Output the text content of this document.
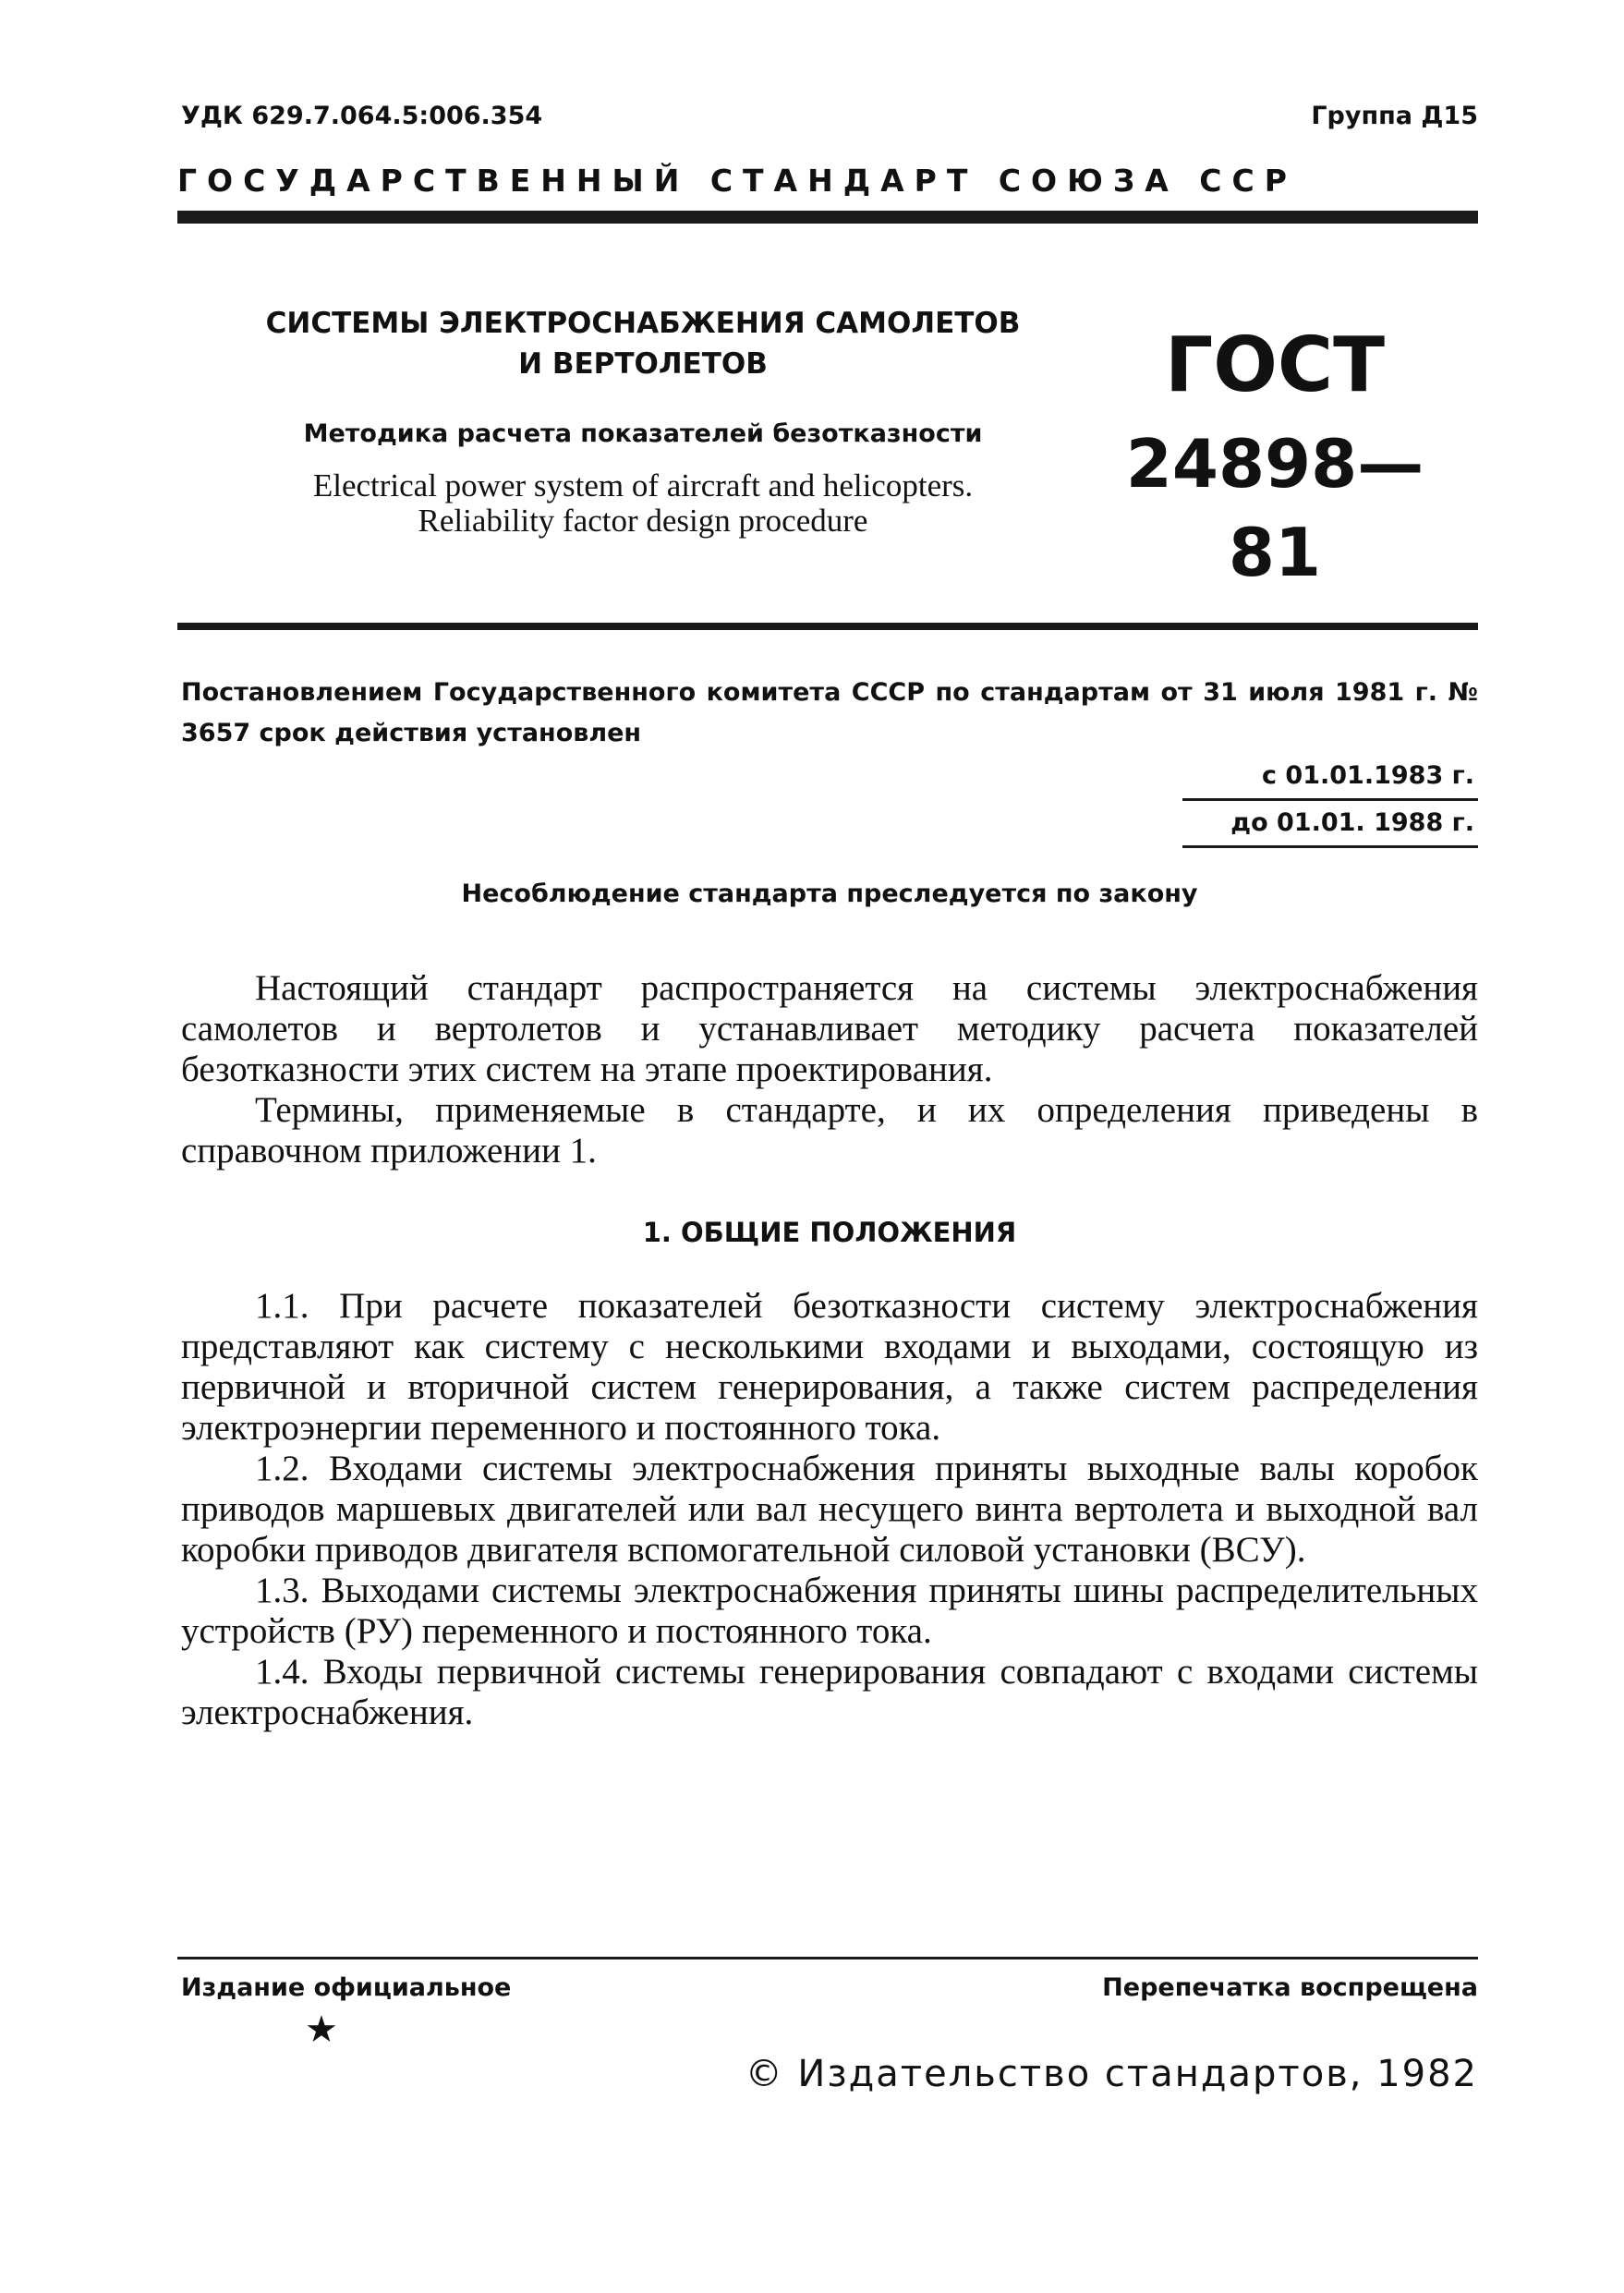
УДК 629.7.064.5:006.354	Группа Д15
ГОСУДАРСТВЕННЫЙ СТАНДАРТ СОЮЗА ССР
СИСТЕМЫ ЭЛЕКТРОСНАБЖЕНИЯ САМОЛЕТОВ
И ВЕРТОЛЕТОВ
Методика расчета показателей безотказности
Electrical power system of aircraft and helicopters.
Reliability factor design procedure
ГОСТ
24898—81
Постановлением Государственного комитета СССР по стандартам от 31 июля 1981 г. № 3657 срок действия установлен
с 01.01.1983 г.
до 01.01. 1988 г.
Несоблюдение стандарта преследуется по закону

Настоящий стандарт распространяется на системы электроснабжения самолетов и вертолетов и устанавливает методику расчета показателей безотказности этих систем на этапе проектирования.

Термины, применяемые в стандарте, и их определения приведены в справочном приложении 1.

1. ОБЩИЕ ПОЛОЖЕНИЯ

1.1. При расчете показателей безотказности систему электроснабжения представляют как систему с несколькими входами и выходами, состоящую из первичной и вторичной систем генерирования, а также систем распределения электроэнергии переменного и постоянного тока.

1.2. Входами системы электроснабжения приняты выходные валы коробок приводов маршевых двигателей или вал несущего винта вертолета и выходной вал коробки приводов двигателя вспомогательной силовой установки (ВСУ).

1.3. Выходами системы электроснабжения приняты шины распределительных устройств (РУ) переменного и постоянного тока.

1.4. Входы первичной системы генерирования совпадают с входами системы электроснабжения.

Издание официальное
★
Перепечатка воспрещена
© Издательство стандартов, 1982
